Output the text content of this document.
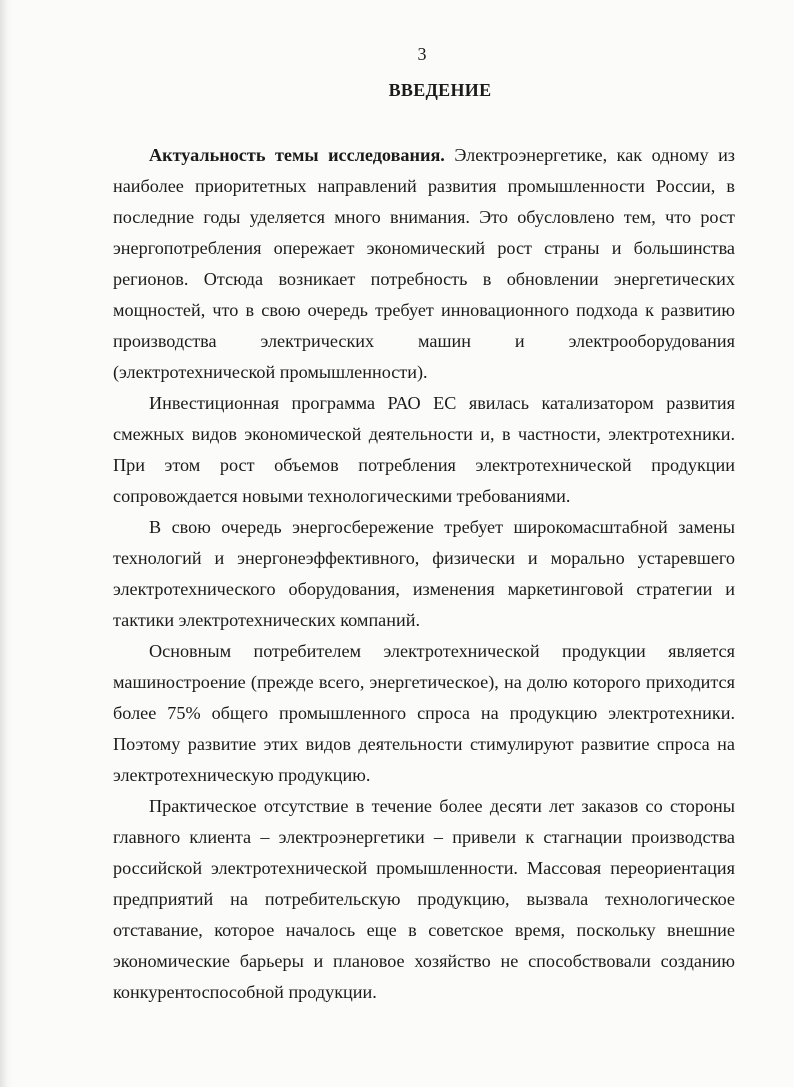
3
ВВЕДЕНИЕ

Актуальность темы исследования. Электроэнергетике, как одному из наиболее приоритетных направлений развития промышленности России, в последние годы уделяется много внимания. Это обусловлено тем, что рост энергопотребления опережает экономический рост страны и большинства регионов. Отсюда возникает потребность в обновлении энергетических мощностей, что в свою очередь требует инновационного подхода к развитию производства электрических машин и электрооборудования (электротехнической промышленности).

Инвестиционная программа РАО ЕС явилась катализатором развития смежных видов экономической деятельности и, в частности, электротехники. При этом рост объемов потребления электротехнической продукции сопровождается новыми технологическими требованиями.

В свою очередь энергосбережение требует широкомасштабной замены технологий и энергонеэффективного, физически и морально устаревшего электротехнического оборудования, изменения маркетинговой стратегии и тактики электротехнических компаний.

Основным потребителем электротехнической продукции является машиностроение (прежде всего, энергетическое), на долю которого приходится более 75% общего промышленного спроса на продукцию электротехники. Поэтому развитие этих видов деятельности стимулируют развитие спроса на электротехническую продукцию.

Практическое отсутствие в течение более десяти лет заказов со стороны главного клиента – электроэнергетики – привели к стагнации производства российской электротехнической промышленности. Массовая переориентация предприятий на потребительскую продукцию, вызвала технологическое отставание, которое началось еще в советское время, поскольку внешние экономические барьеры и плановое хозяйство не способствовали созданию конкурентоспособной продукции.
